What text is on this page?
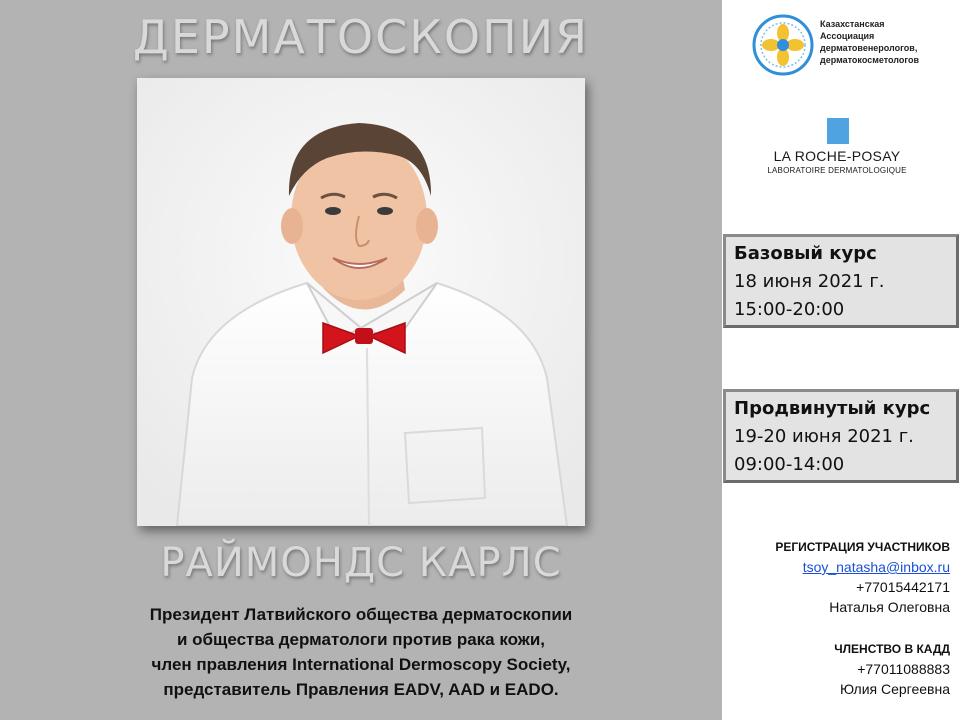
ДЕРМАТОСКОПИЯ
РАЙМОНДС КАРЛС
Президент Латвийского общества дерматоскопии
и общества дерматологи против рака кожи,
член правления International Dermoscopy Society,
представитель Правления EADV, AAD и EADO.
Казахстанская
Ассоциация
дерматовенерологов,
дерматокосметологов
LA ROCHE-POSAY
LABORATOIRE DERMATOLOGIQUE
Базовый курс
18 июня 2021 г.
15:00-20:00
Продвинутый курс
19-20 июня 2021 г.
09:00-14:00
РЕГИСТРАЦИЯ УЧАСТНИКОВ
tsoy_natasha@inbox.ru
+77015442171
Наталья Олеговна
ЧЛЕНСТВО В КАДД
+77011088883
Юлия Сергеевна
